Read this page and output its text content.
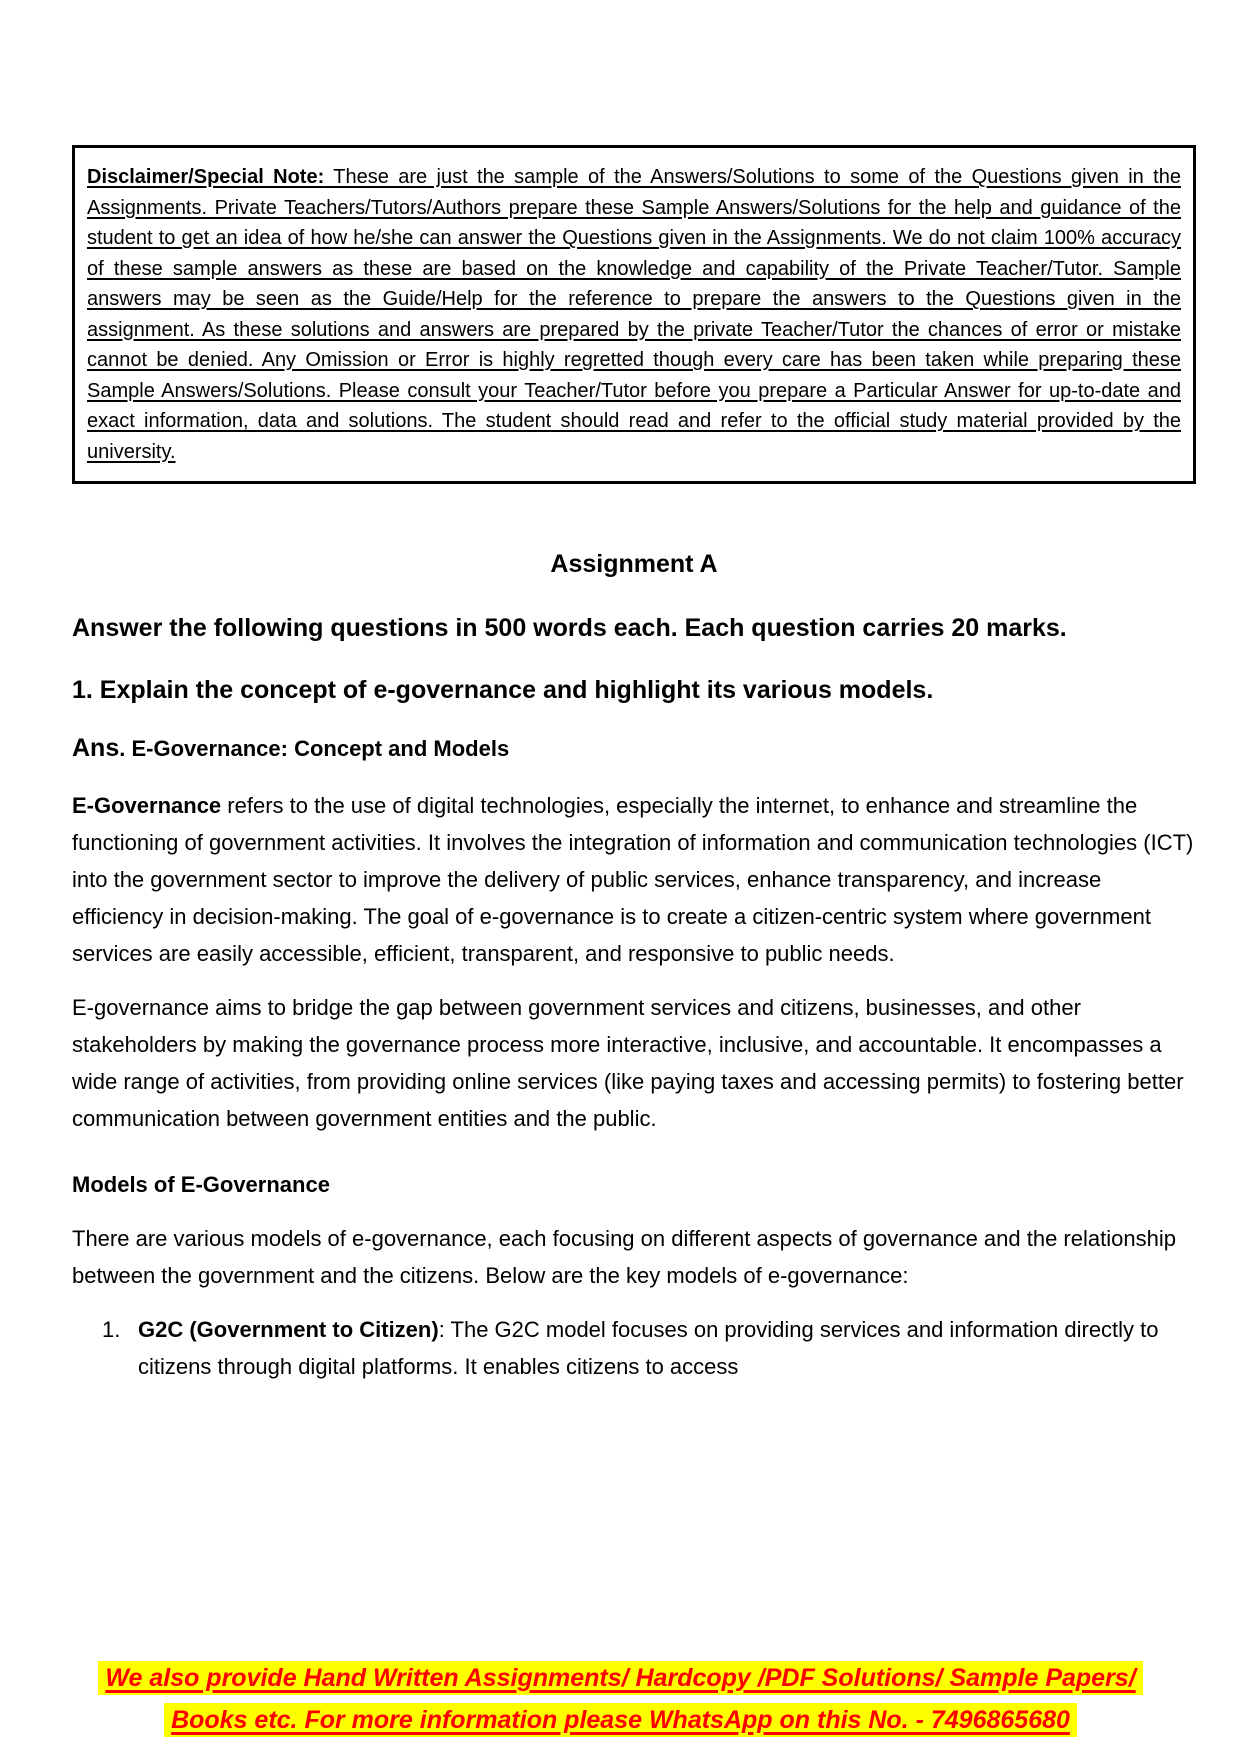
Disclaimer/Special Note: These are just the sample of the Answers/Solutions to some of the Questions given in the Assignments. Private Teachers/Tutors/Authors prepare these Sample Answers/Solutions for the help and guidance of the student to get an idea of how he/she can answer the Questions given in the Assignments. We do not claim 100% accuracy of these sample answers as these are based on the knowledge and capability of the Private Teacher/Tutor. Sample answers may be seen as the Guide/Help for the reference to prepare the answers to the Questions given in the assignment. As these solutions and answers are prepared by the private Teacher/Tutor the chances of error or mistake cannot be denied. Any Omission or Error is highly regretted though every care has been taken while preparing these Sample Answers/Solutions. Please consult your Teacher/Tutor before you prepare a Particular Answer for up-to-date and exact information, data and solutions. The student should read and refer to the official study material provided by the university.

Assignment A

Answer the following questions in 500 words each. Each question carries 20 marks.

1. Explain the concept of e-governance and highlight its various models.

Ans. E-Governance: Concept and Models

E-Governance refers to the use of digital technologies, especially the internet, to enhance and streamline the functioning of government activities. It involves the integration of information and communication technologies (ICT) into the government sector to improve the delivery of public services, enhance transparency, and increase efficiency in decision-making. The goal of e-governance is to create a citizen-centric system where government services are easily accessible, efficient, transparent, and responsive to public needs.

E-governance aims to bridge the gap between government services and citizens, businesses, and other stakeholders by making the governance process more interactive, inclusive, and accountable. It encompasses a wide range of activities, from providing online services (like paying taxes and accessing permits) to fostering better communication between government entities and the public.

Models of E-Governance

There are various models of e-governance, each focusing on different aspects of governance and the relationship between the government and the citizens. Below are the key models of e-governance:

1. G2C (Government to Citizen): The G2C model focuses on providing services and information directly to citizens through digital platforms. It enables citizens to access
We also provide Hand Written Assignments/ Hardcopy /PDF Solutions/ Sample Papers/
Books etc. For more information please WhatsApp on this No. - 7496865680
